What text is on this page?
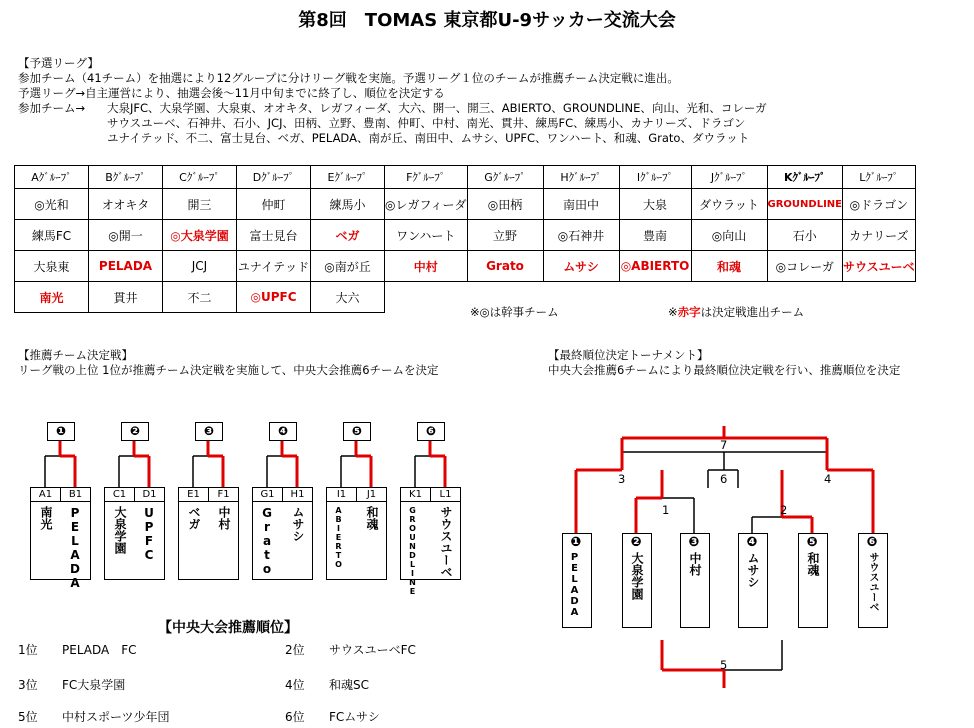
第8回　TOMAS 東京都U-9サッカー交流大会
【予選リーグ】
参加チーム（41チーム）を抽選により12グループに分けリーグ戦を実施。予選リーグ１位のチームが推薦チーム決定戦に進出。
予選リーグ→自主運営により、抽選会後～11月中旬までに終了し、順位を決定する
参加チーム→ 大泉JFC、大泉学園、大泉東、オオキタ、レガフィーダ、大六、開一、開三、ABIERTO、GROUNDLINE、向山、光和、コレーガ
サウスユーベ、石神井、石小、JCJ、田柄、立野、豊南、仲町、中村、南光、貫井、練馬FC、練馬小、カナリーズ、ドラゴン
ユナイテッド、不二、富士見台、ベガ、PELADA、南が丘、南田中、ムサシ、UPFC、ワンハート、和魂、Grato、ダウラット
Aｸﾞﾙｰﾌﾟ	Bｸﾞﾙｰﾌﾟ	Cｸﾞﾙｰﾌﾟ	Dｸﾞﾙｰﾌﾟ	Eｸﾞﾙｰﾌﾟ	Fｸﾞﾙｰﾌﾟ	Gｸﾞﾙｰﾌﾟ	Hｸﾞﾙｰﾌﾟ	Iｸﾞﾙｰﾌﾟ	Jｸﾞﾙｰﾌﾟ	Kｸﾞﾙｰﾌﾟ	Lｸﾞﾙｰﾌﾟ
◎光和	オオキタ	開三	仲町	練馬小	◎レガフィーダ	◎田柄	南田中	大泉	ダウラット	GROUNDLINE	◎ドラゴン
練馬FC	◎開一	◎大泉学園	富士見台	ベガ	ワンハート	立野	◎石神井	豊南	◎向山	石小	カナリーズ
大泉東	PELADA	JCJ	ユナイテッド	◎南が丘	中村	Grato	ムサシ	◎ABIERTO	和魂	◎コレーガ	サウスユーベ
南光	貫井	不二	◎UPFC	大六							
※◎は幹事チーム	※赤字は決定戦進出チーム
【推薦チーム決定戦】
リーグ戦の上位 1位が推薦チーム決定戦を実施して、中央大会推薦6チームを決定
【最終順位決定トーナメント】
中央大会推薦6チームにより最終順位決定戦を行い、推薦順位を決定
❶
A1	B1
南光 PELADA
❷
C1	D1
大泉学園 UPFC
❸
E1	F1
ベガ 中村
❹
G1	H1
Grato ムサシ
❺
I1	J1
ABIERTO 和魂
❻
K1	L1
GROUNDLINE サウスユーベ	❶
PELADA
❷
大泉学園
❸
中村
❹
ムサシ
❺
和魂
❻
サウスユーベ
7
3	6	4
1	2
5
【中央大会推薦順位】
1位 PELADA　FC	2位 サウスユーベFC
3位 FC大泉学園	4位 和魂SC
5位 中村スポーツ少年団	6位 FCムサシ
